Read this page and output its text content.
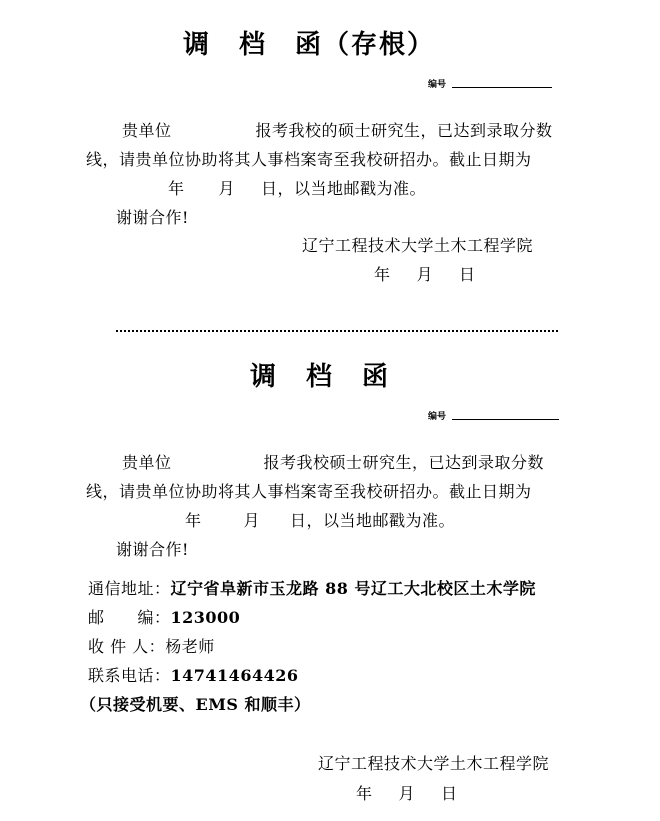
调　档　函（存根）
编号
贵单位	报考我校的硕士研究生，已达到录取分数
线，请贵单位协助将其人事档案寄至我校研招办。截止日期为
年 月 日，以当地邮戳为准。
谢谢合作!
辽宁工程技术大学土木工程学院
年 月 日
调　档　函
编号
贵单位	报考我校硕士研究生，已达到录取分数
线，请贵单位协助将其人事档案寄至我校研招办。截止日期为
年	月 日，以当地邮戳为准。
谢谢合作!
通信地址：辽宁省阜新市玉龙路 88 号辽工大北校区土木学院
邮　　编：123000
收 件 人：杨老师
联系电话：14741464426
（只接受机要、EMS 和顺丰）
辽宁工程技术大学土木工程学院
年 月 日
